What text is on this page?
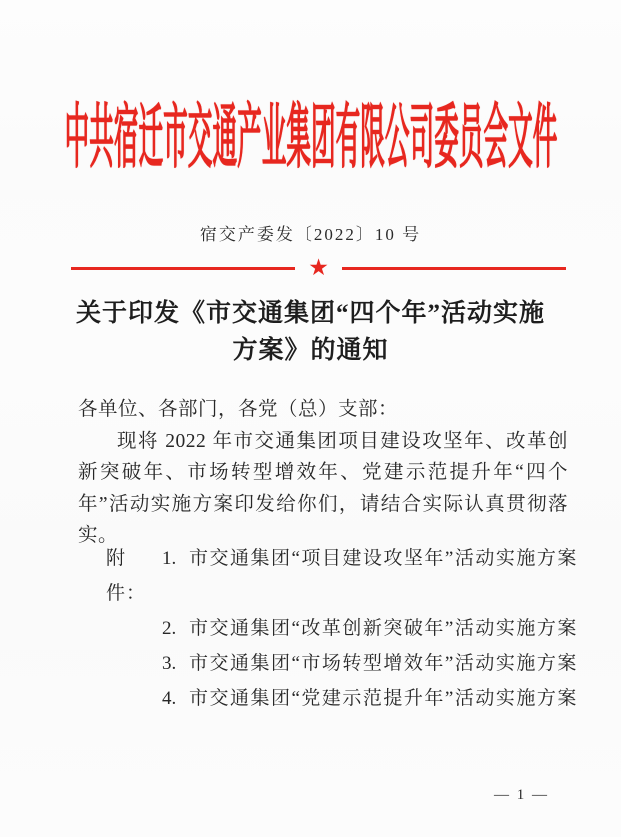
中共宿迁市交通产业集团有限公司委员会文件
宿交产委发〔2022〕10 号
★
关于印发《市交通集团“四个年”活动实施
方案》的通知

各单位、各部门，各党（总）支部：

现将 2022 年市交通集团项目建设攻坚年、改革创新突破年、市场转型增效年、党建示范提升年“四个年”活动实施方案印发给你们，请结合实际认真贯彻落实。

附件：
1. 市交通集团“项目建设攻坚年”活动实施方案
2. 市交通集团“改革创新突破年”活动实施方案
3. 市交通集团“市场转型增效年”活动实施方案
4. 市交通集团“党建示范提升年”活动实施方案
— 1 —
